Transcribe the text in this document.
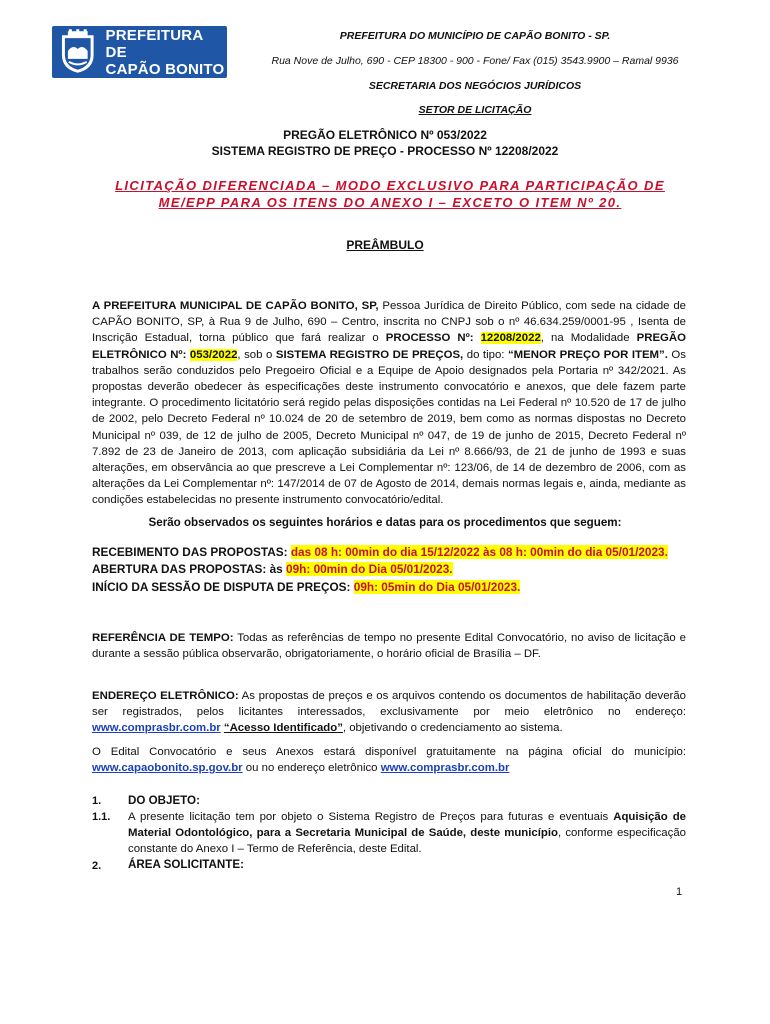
PREFEITURA DE
CAPÃO BONITO
PREFEITURA DO MUNICÍPIO DE CAPÃO BONITO - SP.
Rua Nove de Julho, 690 - CEP 18300 - 900 - Fone/ Fax (015) 3543.9900 – Ramal 9936
SECRETARIA DOS NEGÓCIOS JURÍDICOS
SETOR DE LICITAÇÃO
PREGÃO ELETRÔNICO Nº 053/2022
SISTEMA REGISTRO DE PREÇO - PROCESSO Nº 12208/2022
LICITAÇÃO DIFERENCIADA – MODO EXCLUSIVO PARA PARTICIPAÇÃO DE
ME/EPP PARA OS ITENS DO ANEXO I – EXCETO O ITEM Nº 20.
PREÂMBULO
A PREFEITURA MUNICIPAL DE CAPÃO BONITO, SP, Pessoa Jurídica de Direito Público, com sede na cidade de CAPÃO BONITO, SP, à Rua 9 de Julho, 690 – Centro, inscrita no CNPJ sob o nº 46.634.259/0001-95 , Isenta de Inscrição Estadual, torna público que fará realizar o PROCESSO Nº: 12208/2022, na Modalidade PREGÃO ELETRÔNICO Nº: 053/2022, sob o SISTEMA REGISTRO DE PREÇOS, do tipo: “MENOR PREÇO POR ITEM”. Os trabalhos serão conduzidos pelo Pregoeiro Oficial e a Equipe de Apoio designados pela Portaria nº 342/2021. As propostas deverão obedecer às especificações deste instrumento convocatório e anexos, que dele fazem parte integrante. O procedimento licitatório será regido pelas disposições contidas na Lei Federal nº 10.520 de 17 de julho de 2002, pelo Decreto Federal nº 10.024 de 20 de setembro de 2019, bem como as normas dispostas no Decreto Municipal nº 039, de 12 de julho de 2005, Decreto Municipal nº 047, de 19 de junho de 2015, Decreto Federal nº 7.892 de 23 de Janeiro de 2013, com aplicação subsidiária da Lei nº 8.666/93, de 21 de junho de 1993 e suas alterações, em observância ao que prescreve a Lei Complementar nº: 123/06, de 14 de dezembro de 2006, com as alterações da Lei Complementar nº: 147/2014 de 07 de Agosto de 2014, demais normas legais e, ainda, mediante as condições estabelecidas no presente instrumento convocatório/edital.
Serão observados os seguintes horários e datas para os procedimentos que seguem:
RECEBIMENTO DAS PROPOSTAS: das 08 h: 00min do dia 15/12/2022 às 08 h: 00min do dia 05/01/2023.
ABERTURA DAS PROPOSTAS: às 09h: 00min do Dia 05/01/2023.
INÍCIO DA SESSÃO DE DISPUTA DE PREÇOS: 09h: 05min do Dia 05/01/2023.
REFERÊNCIA DE TEMPO: Todas as referências de tempo no presente Edital Convocatório, no aviso de licitação e durante a sessão pública observarão, obrigatoriamente, o horário oficial de Brasília – DF.
ENDEREÇO ELETRÔNICO: As propostas de preços e os arquivos contendo os documentos de habilitação deverão ser registrados, pelos licitantes interessados, exclusivamente por meio eletrônico no endereço: www.comprasbr.com.br “Acesso Identificado”, objetivando o credenciamento ao sistema.
O Edital Convocatório e seus Anexos estará disponível gratuitamente na página oficial do município: www.capaobonito.sp.gov.br ou no endereço eletrônico www.comprasbr.com.br
1. DO OBJETO:
1.1. A presente licitação tem por objeto o Sistema Registro de Preços para futuras e eventuais Aquisição de Material Odontológico, para a Secretaria Municipal de Saúde, deste município, conforme especificação constante do Anexo I – Termo de Referência, deste Edital.
2. ÁREA SOLICITANTE:
1
